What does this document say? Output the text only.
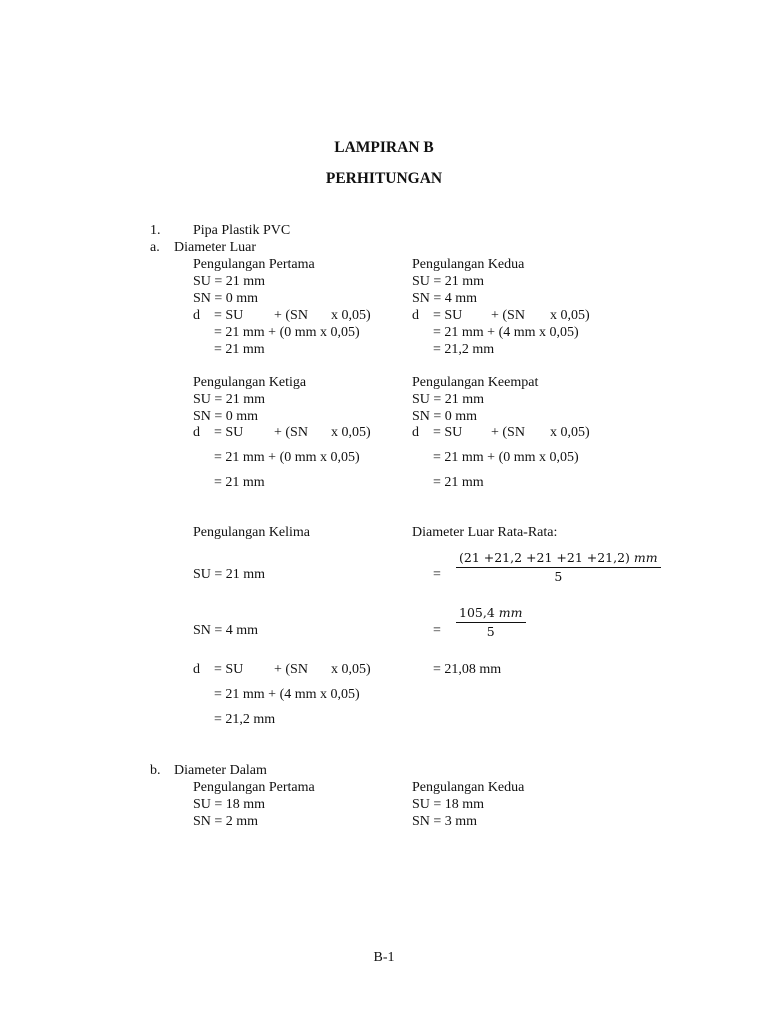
LAMPIRAN B
PERHITUNGAN
1. Pipa Plastik PVC
a. Diameter Luar
Pengulangan Pertama
SU = 21 mm
SN = 0 mm
d = SU + (SN x 0,05)
= 21 mm + (0 mm x 0,05)
= 21 mm
Pengulangan Kedua
SU = 21 mm
SN = 4 mm
d = SU + (SN x 0,05)
= 21 mm + (4 mm x 0,05)
= 21,2 mm
Pengulangan Ketiga
SU = 21 mm
SN = 0 mm
d = SU + (SN x 0,05)
= 21 mm + (0 mm x 0,05)
= 21 mm
Pengulangan Keempat
SU = 21 mm
SN = 0 mm
d = SU + (SN x 0,05)
= 21 mm + (0 mm x 0,05)
= 21 mm
Pengulangan Kelima
SU = 21 mm
SN = 4 mm
d = SU + (SN x 0,05)
= 21 mm + (4 mm x 0,05)
= 21,2 mm
Diameter Luar Rata-Rata:
= $\frac{(21 +21,2 +21 +21 +21,2) mm}{5}$
= $\frac{105,4 mm}{5}$
= 21,08 mm
b. Diameter Dalam
Pengulangan Pertama
SU = 18 mm
SN = 2 mm
Pengulangan Kedua
SU = 18 mm
SN = 3 mm
B-1
